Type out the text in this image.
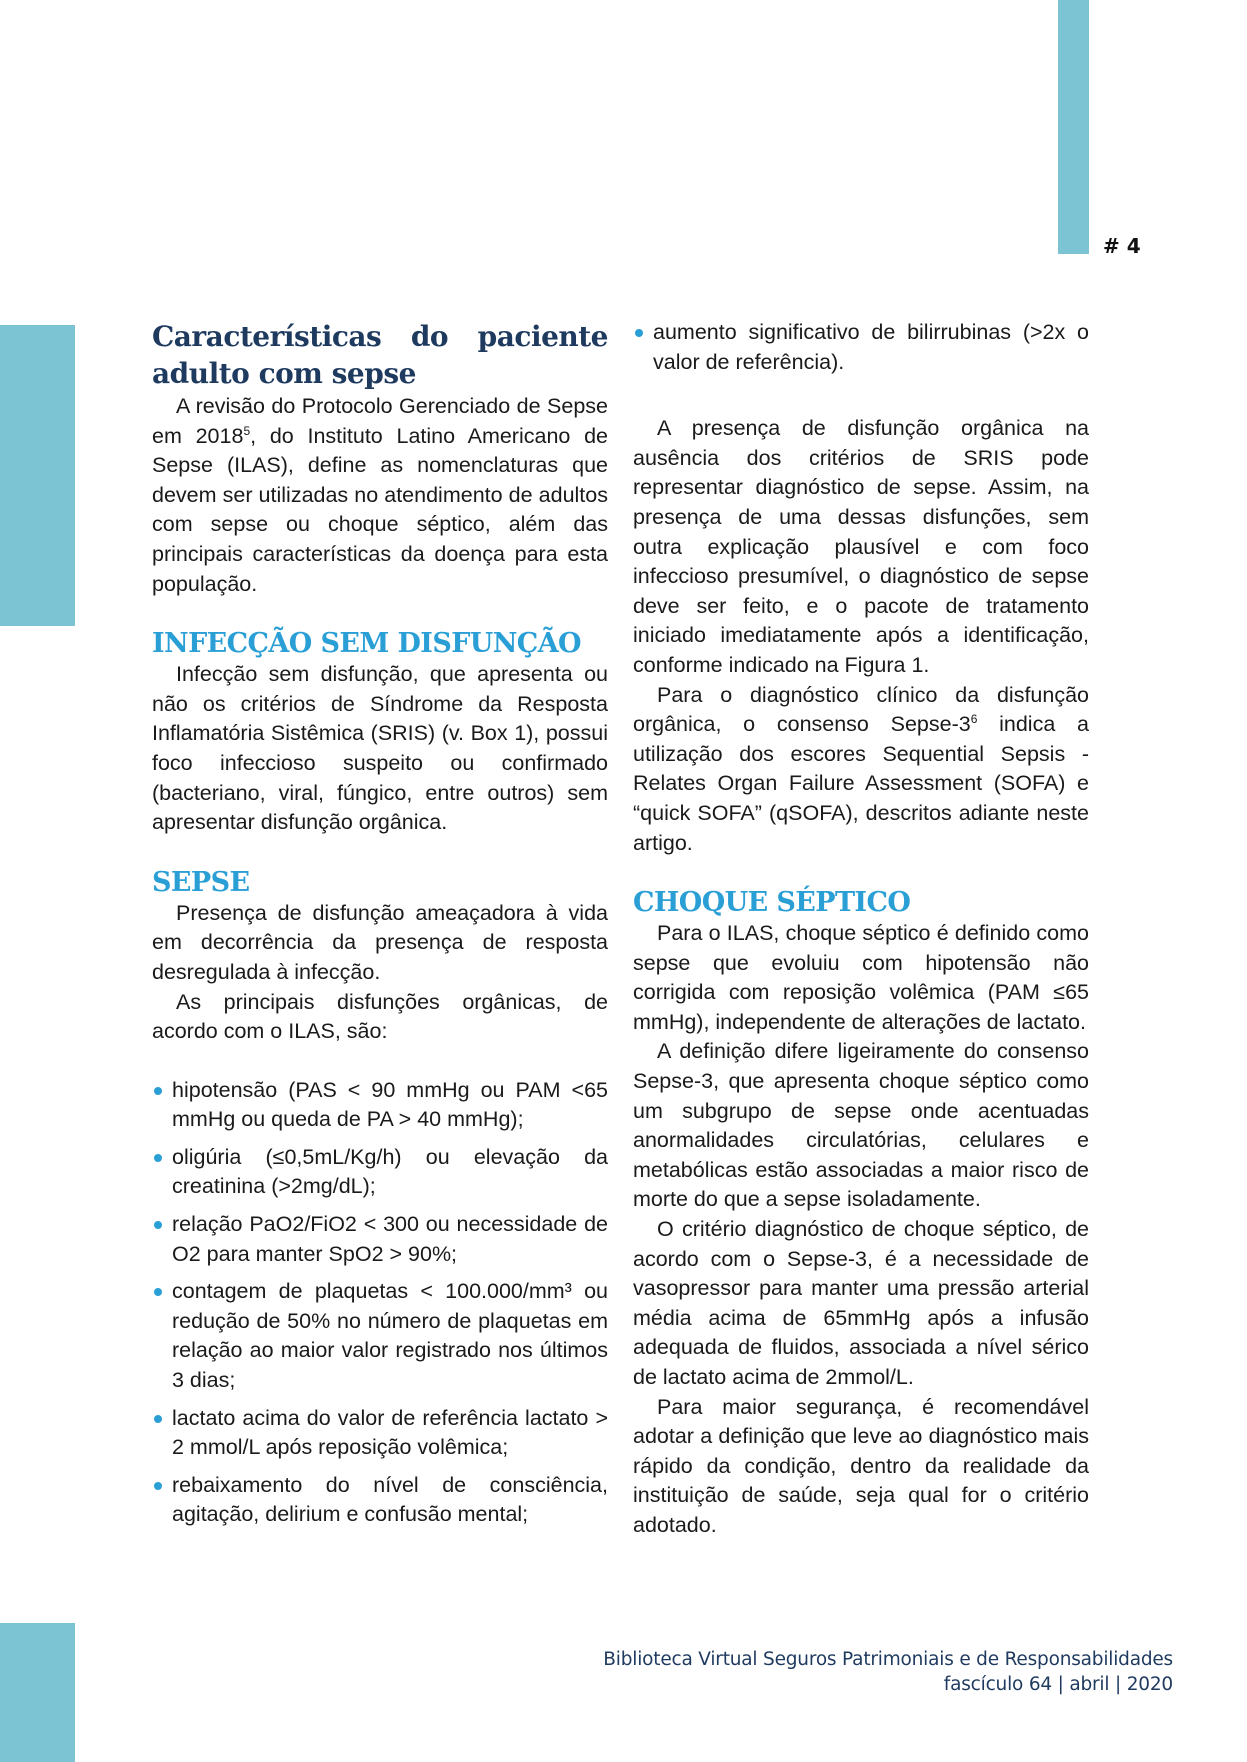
# 4
Características do paciente adulto com sepse

A revisão do Protocolo Gerenciado de Sepse em 2018$^5$, do Instituto Latino Americano de Sepse (ILAS), define as nomenclaturas que devem ser utilizadas no atendimento de adultos com sepse ou choque séptico, além das principais características da doença para esta população.

INFECÇÃO SEM DISFUNÇÃO

Infecção sem disfunção, que apresenta ou não os critérios de Síndrome da Resposta Inflamatória Sistêmica (SRIS) (v. Box 1), possui foco infeccioso suspeito ou confirmado (bacteriano, viral, fúngico, entre outros) sem apresentar disfunção orgânica.

SEPSE

Presença de disfunção ameaçadora à vida em decorrência da presença de resposta desregulada à infecção.

As principais disfunções orgânicas, de acordo com o ILAS, são:

hipotensão (PAS < 90 mmHg ou PAM <65 mmHg ou queda de PA > 40 mmHg);
oligúria (≤0,5mL/Kg/h) ou elevação da creatinina (>2mg/dL);
relação PaO2/FiO2 < 300 ou necessidade de O2 para manter SpO2 > 90%;
contagem de plaquetas < 100.000/mm³ ou redução de 50% no número de plaquetas em relação ao maior valor registrado nos últimos 3 dias;
lactato acima do valor de referência lactato > 2 mmol/L após reposição volêmica;
rebaixamento do nível de consciência, agitação, delirium e confusão mental;
aumento significativo de bilirrubinas (>2x o valor de referência).

A presença de disfunção orgânica na ausência dos critérios de SRIS pode representar diagnóstico de sepse. Assim, na presença de uma dessas disfunções, sem outra explicação plausível e com foco infeccioso presumível, o diagnóstico de sepse deve ser feito, e o pacote de tratamento iniciado imediatamente após a identificação, conforme indicado na Figura 1.

Para o diagnóstico clínico da disfunção orgânica, o consenso Sepse-$3^6$ indica a utilização dos escores Sequential Sepsis - Relates Organ Failure Assessment (SOFA) e “quick SOFA” (qSOFA), descritos adiante neste artigo.

CHOQUE SÉPTICO

Para o ILAS, choque séptico é definido como sepse que evoluiu com hipotensão não corrigida com reposição volêmica (PAM ≤65 mmHg), independente de alterações de lactato.

A definição difere ligeiramente do consenso Sepse-3, que apresenta choque séptico como um subgrupo de sepse onde acentuadas anormalidades circulatórias, celulares e metabólicas estão associadas a maior risco de morte do que a sepse isoladamente.

O critério diagnóstico de choque séptico, de acordo com o Sepse-3, é a necessidade de vasopressor para manter uma pressão arterial média acima de 65mmHg após a infusão adequada de fluidos, associada a nível sérico de lactato acima de 2mmol/L.

Para maior segurança, é recomendável adotar a definição que leve ao diagnóstico mais rápido da condição, dentro da realidade da instituição de saúde, seja qual for o critério adotado.

Biblioteca Virtual Seguros Patrimoniais e de Responsabilidades
fascículo 64 | abril | 2020
